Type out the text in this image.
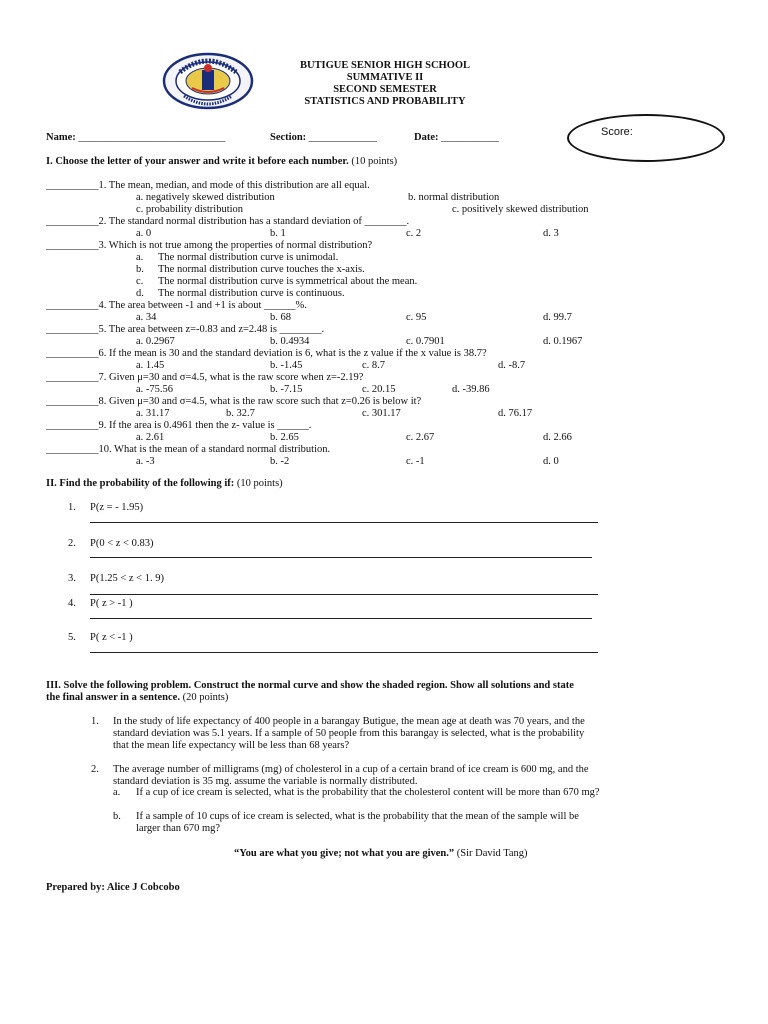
BUTIGUE SENIOR HIGH SCHOOL
SUMMATIVE II
SECOND SEMESTER
STATISTICS AND PROBABILITY
Score:
Name: ____________________________	Section: _____________	Date: ___________
I. Choose the letter of your answer and write it before each number. (10 points)
__________1. The mean, median, and mode of this distribution are all equal.
a. negatively skewed distribution	b. normal distribution
c. probability distribution	c. positively skewed distribution
__________2. The standard normal distribution has a standard deviation of ________.
a. 0	b. 1	c. 2	d. 3
__________3. Which is not true among the properties of normal distribution?
a. The normal distribution curve is unimodal.
b. The normal distribution curve touches the x-axis.
c. The normal distribution curve is symmetrical about the mean.
d. The normal distribution curve is continuous.
__________4. The area between -1 and +1 is about ______%.
a. 34	b. 68	c. 95	d. 99.7
__________5. The area between z=-0.83 and z=2.48 is ________.
a. 0.2967	b. 0.4934	c. 0.7901	d. 0.1967
__________6. If the mean is 30 and the standard deviation is 6, what is the z value if the x value is 38.7?
a. 1.45	b. -1.45	c. 8.7	d. -8.7
__________7. Given μ=30 and σ=4.5, what is the raw score when z=-2.19?
a. -75.56	b. -7.15	c. 20.15	d. -39.86
__________8. Given μ=30 and σ=4.5, what is the raw score such that z=0.26 is below it?
a. 31.17	b. 32.7	c. 301.17	d. 76.17
__________9. If the area is 0.4961 then the z- value is ______.
a. 2.61	b. 2.65	c. 2.67	d. 2.66
__________10. What is the mean of a standard normal distribution.
a. -3	b. -2	c. -1	d. 0
II. Find the probability of the following if: (10 points)
1. P(z = - 1.95)
2. P(0 < z < 0.83)
3. P(1.25 < z < 1. 9)
4. P( z > -1 )
5. P( z < -1 )
III. Solve the following problem. Construct the normal curve and show the shaded region. Show all solutions and state
the final answer in a sentence. (20 points)
1. In the study of life expectancy of 400 people in a barangay Butigue, the mean age at death was 70 years, and the
standard deviation was 5.1 years. If a sample of 50 people from this barangay is selected, what is the probability
that the mean life expectancy will be less than 68 years?
2. The average number of milligrams (mg) of cholesterol in a cup of a certain brand of ice cream is 600 mg, and the
standard deviation is 35 mg. assume the variable is normally distributed.
a. If a cup of ice cream is selected, what is the probability that the cholesterol content will be more than 670 mg?
b. If a sample of 10 cups of ice cream is selected, what is the probability that the mean of the sample will be
larger than 670 mg?
“You are what you give; not what you are given.” (Sir David Tang)
Prepared by: Alice J Cobcobo
